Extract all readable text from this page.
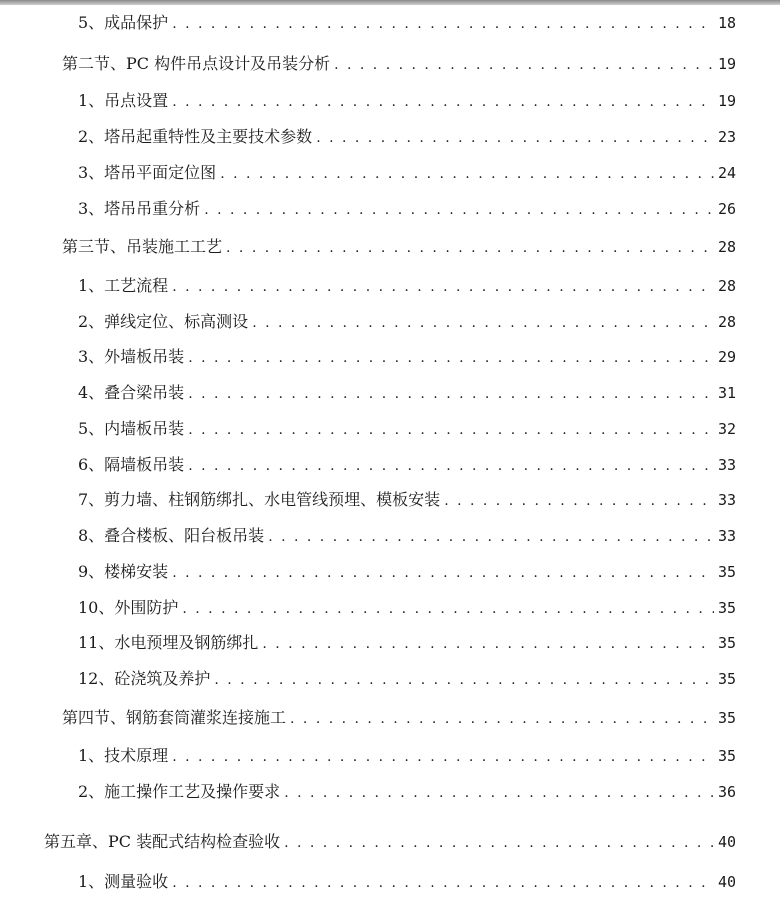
5、成品保护 . . .	18
第二节、PC 构件吊点设计及吊装分析 . . .	19
1、吊点设置 . . .	19
2、塔吊起重特性及主要技术参数 . . .	23
3、塔吊平面定位图 . . .	24
3、塔吊吊重分析 . . .	26
第三节、吊装施工工艺 . . .	28
1、工艺流程 . . .	28
2、弹线定位、标高测设 . . .	28
3、外墙板吊装 . . .	29
4、叠合梁吊装 . . .	31
5、内墙板吊装 . . .	32
6、隔墙板吊装 . . .	33
7、剪力墙、柱钢筋绑扎、水电管线预埋、模板安装 . . .	33
8、叠合楼板、阳台板吊装 . . .	33
9、楼梯安装 . . .	35
10、外围防护 . . .	35
11、水电预埋及钢筋绑扎 . . .	35
12、砼浇筑及养护 . . .	35
第四节、钢筋套筒灌浆连接施工 . . .	35
1、技术原理 . . .	35
2、施工操作工艺及操作要求 . . .	36
第五章、PC 装配式结构检查验收 . . .	40
1、测量验收 . . .	40
